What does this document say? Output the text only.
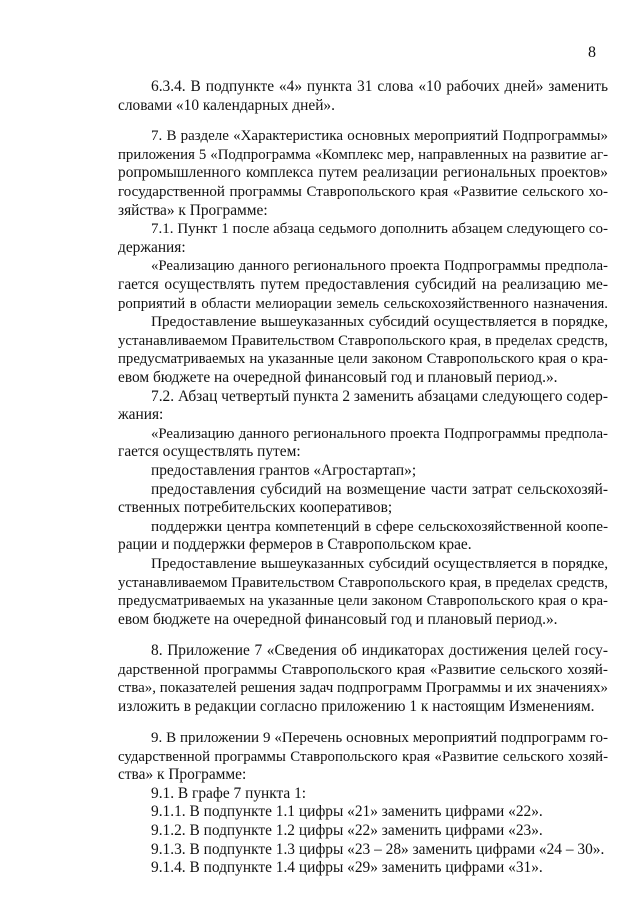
8
6.3.4. В подпункте «4» пункта 31 слова «10 рабочих дней» заменить
словами «10 календарных дней».
7. В разделе «Характеристика основных мероприятий Подпрограммы»
приложения 5 «Подпрограмма «Комплекс мер, направленных на развитие аг-
ропромышленного комплекса путем реализации региональных проектов»
государственной программы Ставропольского края «Развитие сельского хо-
зяйства» к Программе:
7.1. Пункт 1 после абзаца седьмого дополнить абзацем следующего со-
держания:
«Реализацию данного регионального проекта Подпрограммы предпола-
гается осуществлять путем предоставления субсидий на реализацию ме-
роприятий в области мелиорации земель сельскохозяйственного назначения.
Предоставление вышеуказанных субсидий осуществляется в порядке,
устанавливаемом Правительством Ставропольского края, в пределах средств,
предусматриваемых на указанные цели законом Ставропольского края о кра-
евом бюджете на очередной финансовый год и плановый период.».
7.2. Абзац четвертый пункта 2 заменить абзацами следующего содер-
жания:
«Реализацию данного регионального проекта Подпрограммы предпола-
гается осуществлять путем:
предоставления грантов «Агростартап»;
предоставления субсидий на возмещение части затрат сельскохозяй-
ственных потребительских кооперативов;
поддержки центра компетенций в сфере сельскохозяйственной коопе-
рации и поддержки фермеров в Ставропольском крае.
Предоставление вышеуказанных субсидий осуществляется в порядке,
устанавливаемом Правительством Ставропольского края, в пределах средств,
предусматриваемых на указанные цели законом Ставропольского края о кра-
евом бюджете на очередной финансовый год и плановый период.».
8. Приложение 7 «Сведения об индикаторах достижения целей госу-
дарственной программы Ставропольского края «Развитие сельского хозяй-
ства», показателей решения задач подпрограмм Программы и их значениях»
изложить в редакции согласно приложению 1 к настоящим Изменениям.
9. В приложении 9 «Перечень основных мероприятий подпрограмм го-
сударственной программы Ставропольского края «Развитие сельского хозяй-
ства» к Программе:
9.1. В графе 7 пункта 1:
9.1.1. В подпункте 1.1 цифры «21» заменить цифрами «22».
9.1.2. В подпункте 1.2 цифры «22» заменить цифрами «23».
9.1.3. В подпункте 1.3 цифры «23 – 28» заменить цифрами «24 – 30».
9.1.4. В подпункте 1.4 цифры «29» заменить цифрами «31».
